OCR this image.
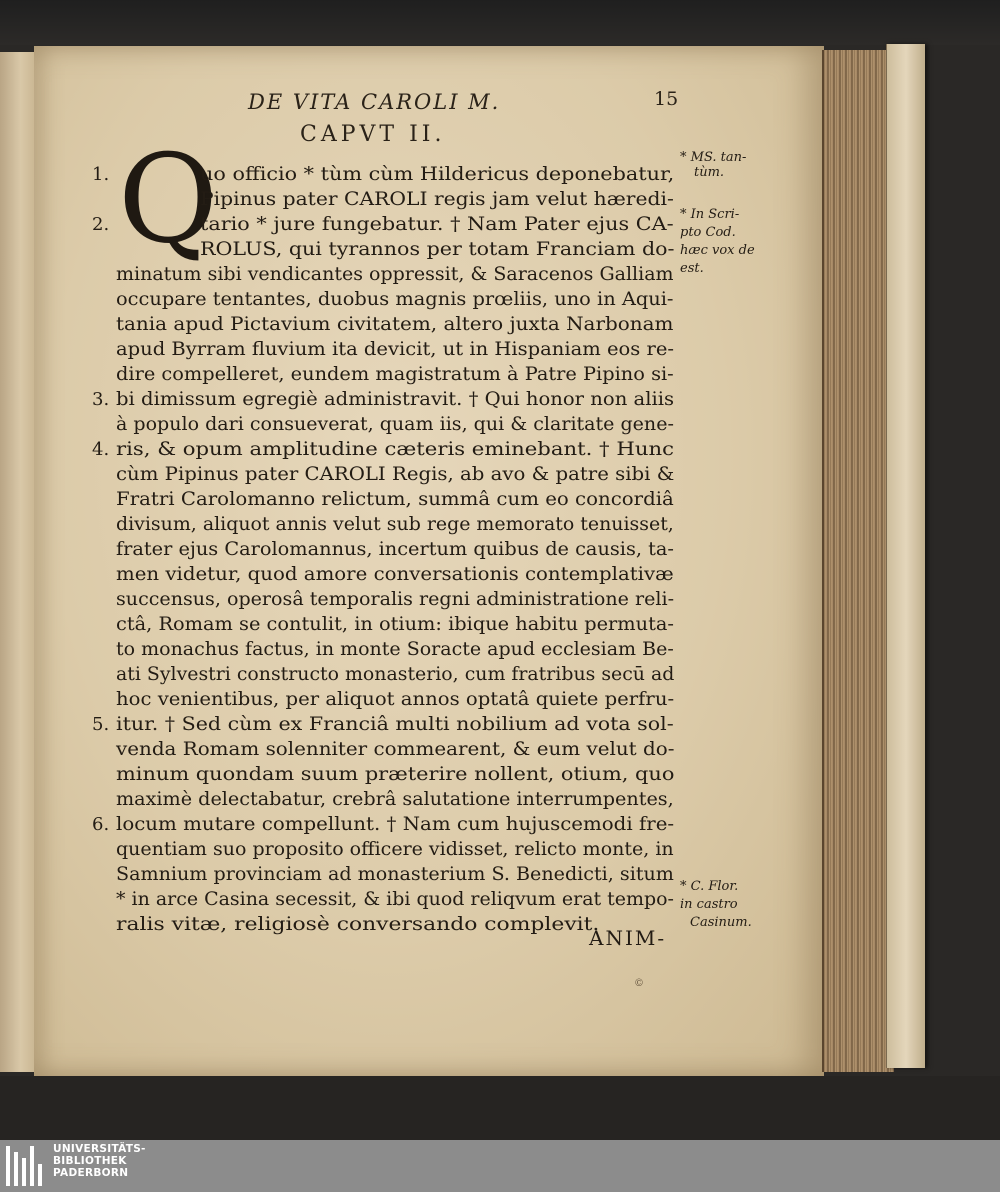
DE VITA CAROLI M.	15
CAPVT II.
Q
1.	uo officio * tùm cùm Hildericus deponebatur,
Pipinus pater CAROLI regis jam velut hæredi-
2.	tario * jure fungebatur. † Nam Pater ejus CA-
ROLUS, qui tyrannos per totam Franciam do-
minatum sibi vendicantes oppressit, & Saracenos Galliam
occupare tentantes, duobus magnis prœliis, uno in Aqui-
tania apud Pictavium civitatem, altero juxta Narbonam
apud Byrram fluvium ita devicit, ut in Hispaniam eos re-
dire compelleret, eundem magistratum à Patre Pipino si-
3. bi dimissum egregiè administravit. † Qui honor non aliis
à populo dari consueverat, quam iis, qui & claritate gene-
4. ris, & opum amplitudine cæteris eminebant. † Hunc
cùm Pipinus pater CAROLI Regis, ab avo & patre sibi &
Fratri Carolomanno relictum, summâ cum eo concordiâ
divisum, aliquot annis velut sub rege memorato tenuisset,
frater ejus Carolomannus, incertum quibus de causis, ta-
men videtur, quod amore conversationis contemplativæ
succensus, operosâ temporalis regni administratione reli-
ctâ, Romam se contulit, in otium: ibique habitu permuta-
to monachus factus, in monte Soracte apud ecclesiam Be-
ati Sylvestri constructo monasterio, cum fratribus secū ad
hoc venientibus, per aliquot annos optatâ quiete perfru-
5. itur. † Sed cùm ex Franciâ multi nobilium ad vota sol-
venda Romam solenniter commearent, & eum velut do-
minum quondam suum præterire nollent, otium, quo
maximè delectabatur, crebrâ salutatione interrumpentes,
6. locum mutare compellunt. † Nam cum hujuscemodi fre-
quentiam suo proposito officere vidisset, relicto monte, in
Samnium provinciam ad monasterium S. Benedicti, situm
* in arce Casina secessit, & ibi quod reliqvum erat tempo-
ralis vitæ, religiosè conversando complevit.
* MS. tan-
tùm.
* In Scri-
pto Cod.
hæc vox de
est.
* C. Flor.
in castro
Casinum.
ANIM-
©
UNIVERSITÄTS-
BIBLIOTHEK
PADERBORN
